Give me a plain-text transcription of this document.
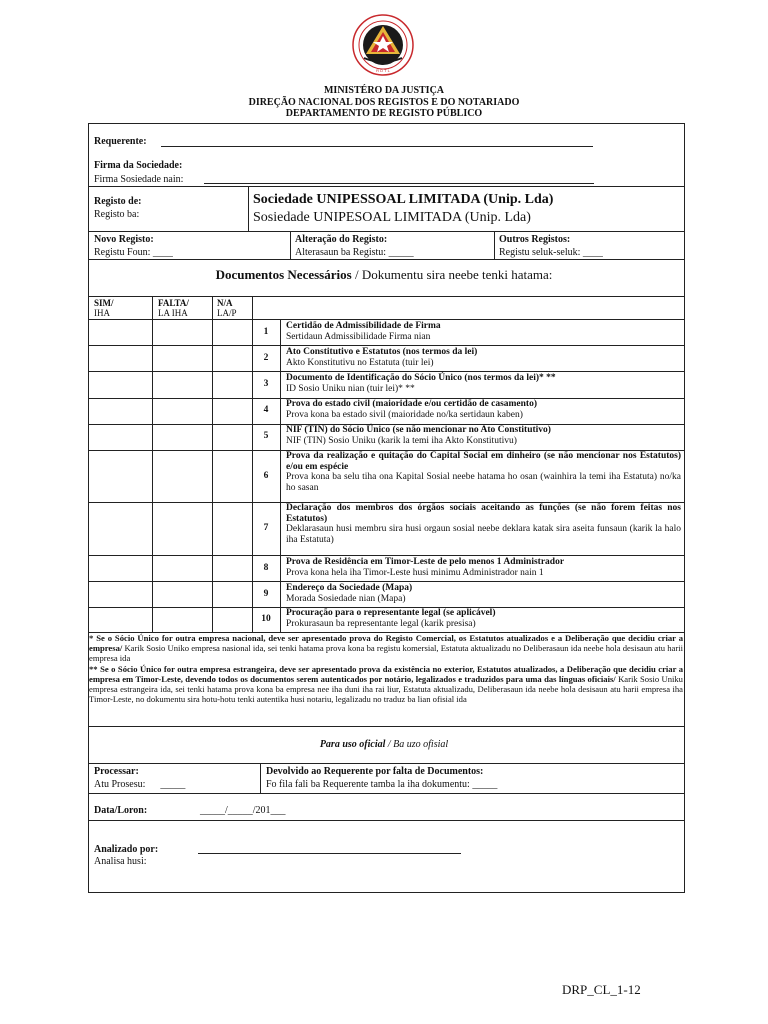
R D T L
MINISTÉRO DA JUSTIÇA
DIREÇÃO NACIONAL DOS REGISTOS E DO NOTARIADO
DEPARTAMENTO DE REGISTO PÚBLICO
Requerente:
Firma da Sociedade:
Firma Sosiedade nain:
Registo de:
Registo ba:
Sociedade UNIPESSOAL LIMITADA (Unip. Lda)
Sosiedade UNIPESOAL LIMITADA (Unip. Lda)
Novo Registo:
Registu Foun: ____
Alteração do Registo:
Alterasaun ba Registu: _____
Outros Registos:
Registu seluk-seluk: ____
Documentos Necessários / Dokumentu sira neebe tenki hatama:
SIM/
IHA
FALTA/
LA IHA
N/A
LA/P
1
Certidão de Admissibilidade de Firma
Sertidaun Admissibilidade Firma nian
2
Ato Constitutivo e Estatutos (nos termos da lei)
Akto Konstitutivu no Estatuta (tuir lei)
3
Documento de Identificação do Sócio Único (nos termos da lei)* **
ID Sosio Uniku nian (tuir lei)* **
4
Prova do estado civil (maioridade e/ou certidão de casamento)
Prova kona ba estado sivil (maioridade no/ka sertidaun kaben)
5
NIF (TIN) do Sócio Único (se não mencionar no Ato Constitutivo)
NIF (TIN) Sosio Uniku (karik la temi iha Akto Konstitutivu)
6
Prova da realização e quitação do Capital Social em dinheiro (se não mencionar nos Estatutos) e/ou em espécie
Prova kona ba selu tiha ona Kapital Sosial neebe hatama ho osan (wainhira la temi iha Estatuta) no/ka ho sasan
7
Declaração dos membros dos órgãos sociais aceitando as funções (se não forem feitas nos Estatutos)
Deklarasaun husi membru sira husi orgaun sosial neebe deklara katak sira aseita funsaun (karik la halo iha Estatuta)
8
Prova de Residência em Timor-Leste de pelo menos 1 Administrador
Prova kona hela iha Timor-Leste husi minimu Administrador nain 1
9
Endereço da Sociedade (Mapa)
Morada Sosiedade nian (Mapa)
10
Procuração para o representante legal (se aplicável)
Prokurasaun ba representante legal (karik presisa)
* Se o Sócio Único for outra empresa nacional, deve ser apresentado prova do Registo Comercial, os Estatutos atualizados e a Deliberação que decidiu criar a empresa/ Karik Sosio Uniko empresa nasional ida, sei tenki hatama prova kona ba registu komersial, Estatuta aktualizadu no Deliberasaun ida neebe hola desisaun atu harii empresa ida
** Se o Sócio Único for outra empresa estrangeira, deve ser apresentado prova da existência no exterior, Estatutos atualizados, a Deliberação que decidiu criar a empresa em Timor-Leste, devendo todos os documentos serem autenticados por notário, legalizados e traduzidos para uma das línguas oficiais/ Karik Sosio Uniku empresa estrangeira ida, sei tenki hatama prova kona ba empresa nee iha duni iha rai liur, Estatuta aktualizadu, Deliberasaun ida neebe hola desisaun atu harii empresa iha Timor-Leste, no dokumentu sira hotu-hotu tenki autentika husi notariu, legalizadu no traduz ba lian ofisial ida
Para uso oficial / Ba uzo ofisial
Processar:
Atu Prosesu: _____
Devolvido ao Requerente por falta de Documentos:
Fo fila fali ba Requerente tamba la iha dokumentu: _____
Data/Loron:	_____/_____/201___
Analizado por:
Analisa husi:
DRP_CL_1-12
